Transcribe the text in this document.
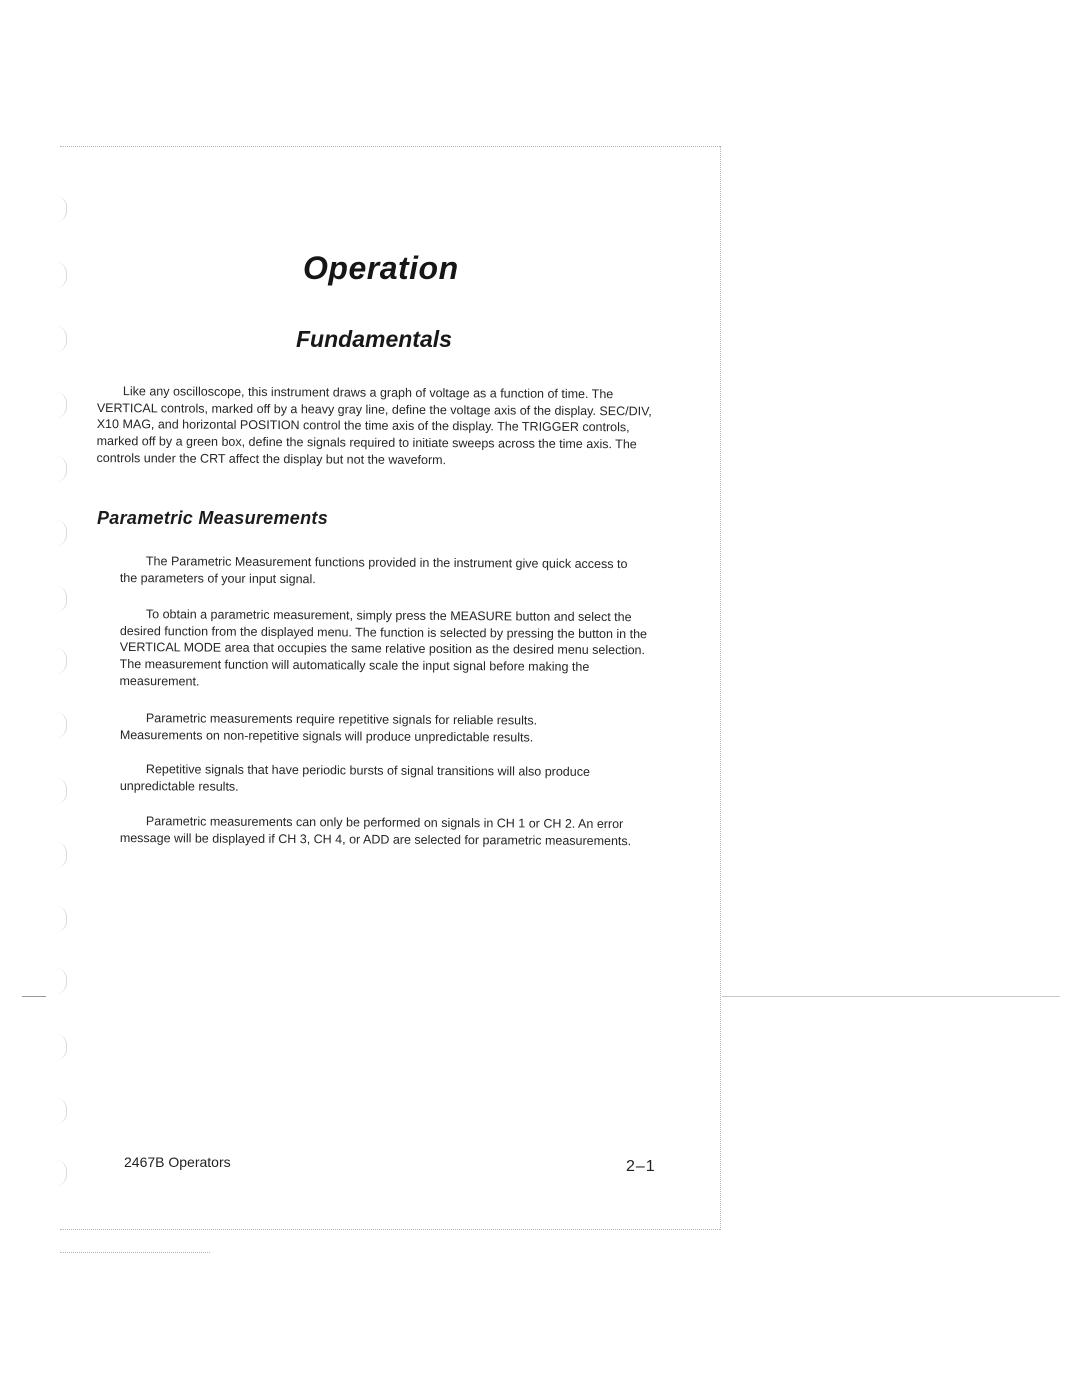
Operation
Fundamentals

Like any oscilloscope, this instrument draws a graph of voltage as a function of time. The VERTICAL controls, marked off by a heavy gray line, define the voltage axis of the display. SEC/DIV, X10 MAG, and horizontal POSITION control the time axis of the display. The TRIGGER controls, marked off by a green box, define the signals required to initiate sweeps across the time axis. The controls under the CRT affect the display but not the waveform.

Parametric Measurements

The Parametric Measurement functions provided in the instrument give quick access to the parameters of your input signal.

To obtain a parametric measurement, simply press the MEASURE button and select the desired function from the displayed menu. The function is selected by pressing the button in the VERTICAL MODE area that occupies the same relative position as the desired menu selection. The measurement function will automatically scale the input signal before making the measurement.

Parametric measurements require repetitive signals for reliable results. Measurements on non-repetitive signals will produce unpredictable results.

Repetitive signals that have periodic bursts of signal transitions will also produce unpredictable results.

Parametric measurements can only be performed on signals in CH 1 or CH 2. An error message will be displayed if CH 3, CH 4, or ADD are selected for parametric measurements.

2467B Operators	2–1
